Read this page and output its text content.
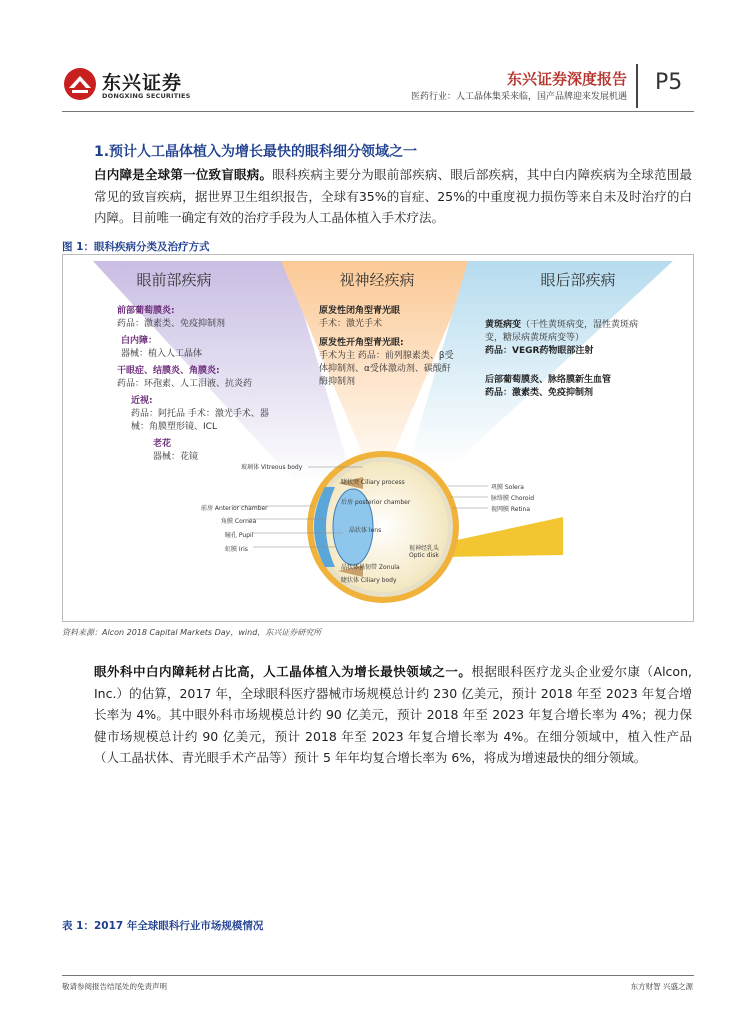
东兴证券
DONGXING SECURITIES
东兴证券深度报告
医药行业：人工晶体集采来临，国产品牌迎来发展机遇
P5
1.预计人工晶体植入为增长最快的眼科细分领域之一
白内障是全球第一位致盲眼病。眼科疾病主要分为眼前部疾病、眼后部疾病，其中白内障疾病为全球范围最常见的致盲疾病，据世界卫生组织报告，全球有35%的盲症、25%的中重度视力损伤等来自未及时治疗的白内障。目前唯一确定有效的治疗手段为人工晶体植入手术疗法。
图 1：眼科疾病分类及治疗方式
眼前部疾病
前部葡萄膜炎:
药品：激素类、免疫抑制剂
白内障：
器械：植入人工晶体
干眼症、结膜炎、角膜炎:
药品：环孢素、人工泪液、抗炎药
近视:
药品：阿托品 手术：激光手术、器械：角膜塑形镜、ICL
老花
器械：花镜
视神经疾病
原发性闭角型青光眼
手术：激光手术
原发性开角型青光眼:
手术为主 药品：前列腺素类、β受体抑制剂、α受体激动剂、碳酸酐酶抑制剂
眼后部疾病
黄斑病变（干性黄斑病变，湿性黄斑病变，糖尿病黄斑病变等）
药品：VEGR药物眼部注射
后部葡萄膜炎、脉络膜新生血管
药品：激素类、免疫抑制剂
玻璃体 Vitreous body
睫状突 Ciliary process
后房 posterior chamber
前房 Anterior chamber
角膜 Cornea
晶状体 lens
瞳孔 Pupil
虹膜 Iris
晶状体悬韧带 Zonula
睫状体 Ciliary body
视神经乳头 Optic disk
巩膜 Solera
脉络膜 Choroid
视网膜 Retina
资料来源：Alcon 2018 Capital Markets Day，wind，东兴证券研究所
眼外科中白内障耗材占比高，人工晶体植入为增长最快领域之一。根据眼科医疗龙头企业爱尔康（Alcon, Inc.）的估算，2017 年，全球眼科医疗器械市场规模总计约 230 亿美元，预计 2018 年至 2023 年复合增长率为 4%。其中眼外科市场规模总计约 90 亿美元，预计 2018 年至 2023 年复合增长率为 4%；视力保健市场规模总计约 90 亿美元，预计 2018 年至 2023 年复合增长率为 4%。在细分领域中，植入性产品（人工晶状体、青光眼手术产品等）预计 5 年年均复合增长率为 6%，将成为增速最快的细分领域。
表 1：2017 年全球眼科行业市场规模情况
敬请参阅报告结尾处的免责声明	东方财智 兴盛之源
